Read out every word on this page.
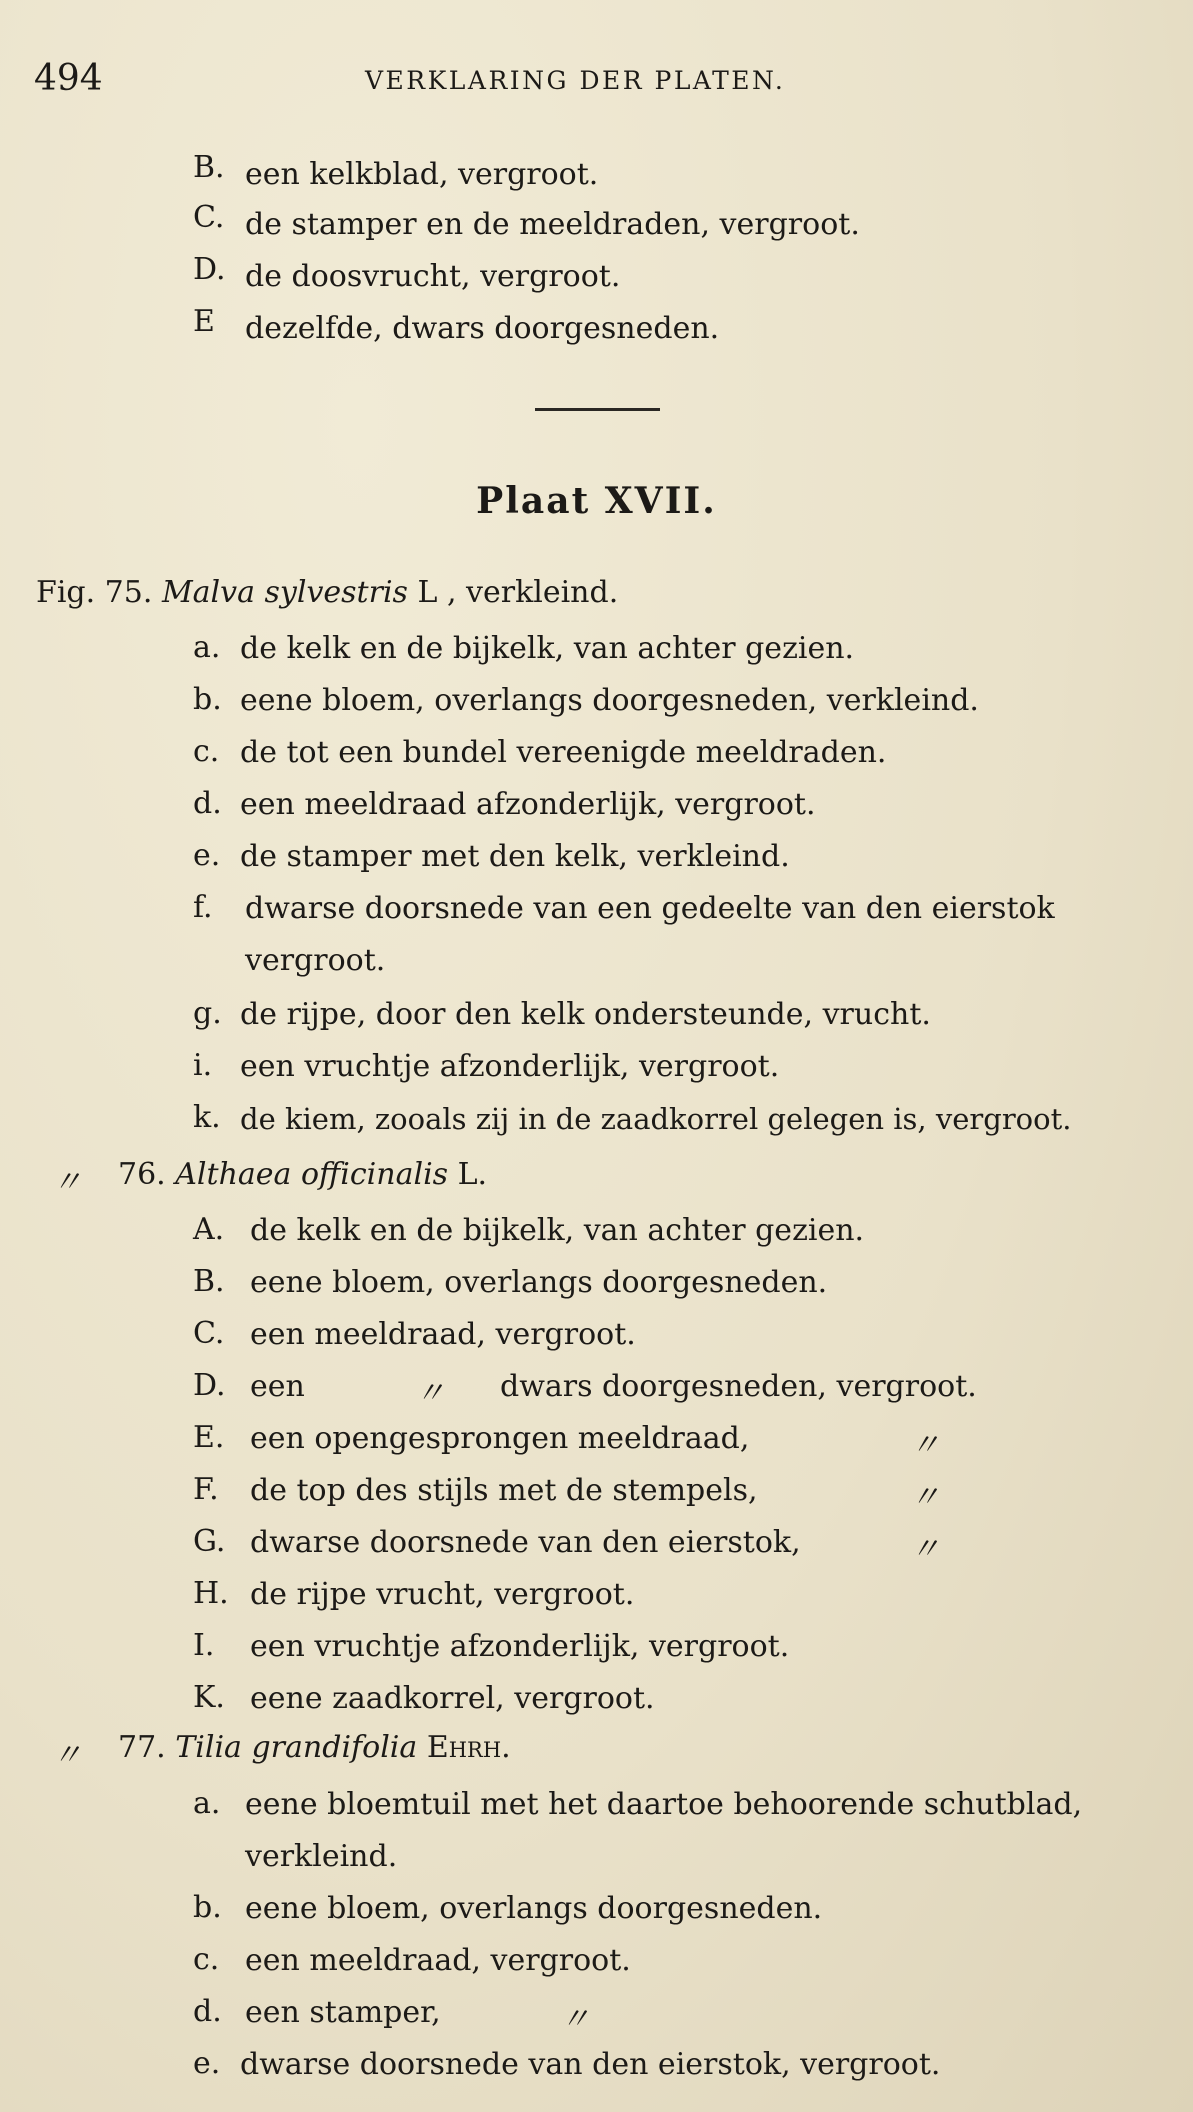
494	VERKLARING DER PLATEN.
B. een kelkblad, vergroot.
C. de stamper en de meeldraden, vergroot.
D. de doosvrucht, vergroot.
E dezelfde, dwars doorgesneden.
Plaat XVII.
Fig. 75. Malva sylvestris L , verkleind.
a. de kelk en de bijkelk, van achter gezien.
b. eene bloem, overlangs doorgesneden, verkleind.
c. de tot een bundel vereenigde meeldraden.
d. een meeldraad afzonderlijk, vergroot.
e. de stamper met den kelk, verkleind.
f. dwarse doorsnede van een gedeelte van den eierstok
vergroot.
g. de rijpe, door den kelk ondersteunde, vrucht.
i. een vruchtje afzonderlijk, vergroot.
k. de kiem, zooals zij in de zaadkorrel gelegen is, vergroot.
〃 76. Althaea officinalis L.
A. de kelk en de bijkelk, van achter gezien.
B. eene bloem, overlangs doorgesneden.
C. een meeldraad, vergroot.
D. een	〃 dwars doorgesneden, vergroot.
E. een opengesprongen meeldraad,	〃
F. de top des stijls met de stempels,	〃
G. dwarse doorsnede van den eierstok,	〃
H. de rijpe vrucht, vergroot.
I. een vruchtje afzonderlijk, vergroot.
K. eene zaadkorrel, vergroot.
〃 77. Tilia grandifolia Ehrh.
a. eene bloemtuil met het daartoe behoorende schutblad,
verkleind.
b. eene bloem, overlangs doorgesneden.
c. een meeldraad, vergroot.
d. een stamper,	〃
e. dwarse doorsnede van den eierstok, vergroot.
